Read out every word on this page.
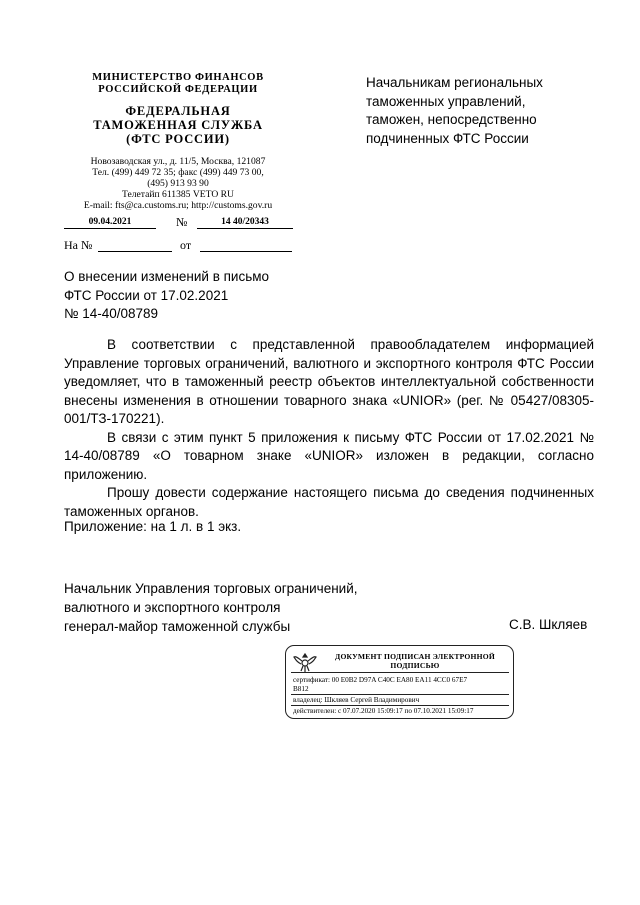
МИНИСТЕРСТВО ФИНАНСОВ
РОССИЙСКОЙ ФЕДЕРАЦИИ
ФЕДЕРАЛЬНАЯ
ТАМОЖЕННАЯ СЛУЖБА
(ФТС РОССИИ)
Новозаводская ул., д. 11/5, Москва, 121087
Тел. (499) 449 72 35; факс (499) 449 73 00,
(495) 913 93 90
Телетайп 611385 VETO RU
E-mail: fts@ca.customs.ru; http://customs.gov.ru
09.04.2021	№	14 40/20343
На №	от
Начальникам региональных
таможенных управлений,
таможен, непосредственно
подчиненных ФТС России
О внесении изменений в письмо
ФТС России от 17.02.2021
№ 14-40/08789

В соответствии с представленной правообладателем информацией Управление торговых ограничений, валютного и экспортного контроля ФТС России уведомляет, что в таможенный реестр объектов интеллектуальной собственности внесены изменения в отношении товарного знака «UNIOR» (рег. № 05427/08305-001/ТЗ-170221).

В связи с этим пункт 5 приложения к письму ФТС России от 17.02.2021 № 14-40/08789 «О товарном знаке «UNIOR» изложен в редакции, согласно приложению.

Прошу довести содержание настоящего письма до сведения подчиненных таможенных органов.

Приложение: на 1 л. в 1 экз.
Начальник Управления торговых ограничений,
валютного и экспортного контроля
генерал-майор таможенной службы	С.В. Шкляев
ДОКУМЕНТ ПОДПИСАН ЭЛЕКТРОННОЙ
ПОДПИСЬЮ
сертификат: 00 E0B2 D97A C40C EA80 EA11 4CC0 67E7
B812
владелец: Шкляев Сергей Владимирович
действителен: с 07.07.2020 15:09:17 по 07.10.2021 15:09:17
